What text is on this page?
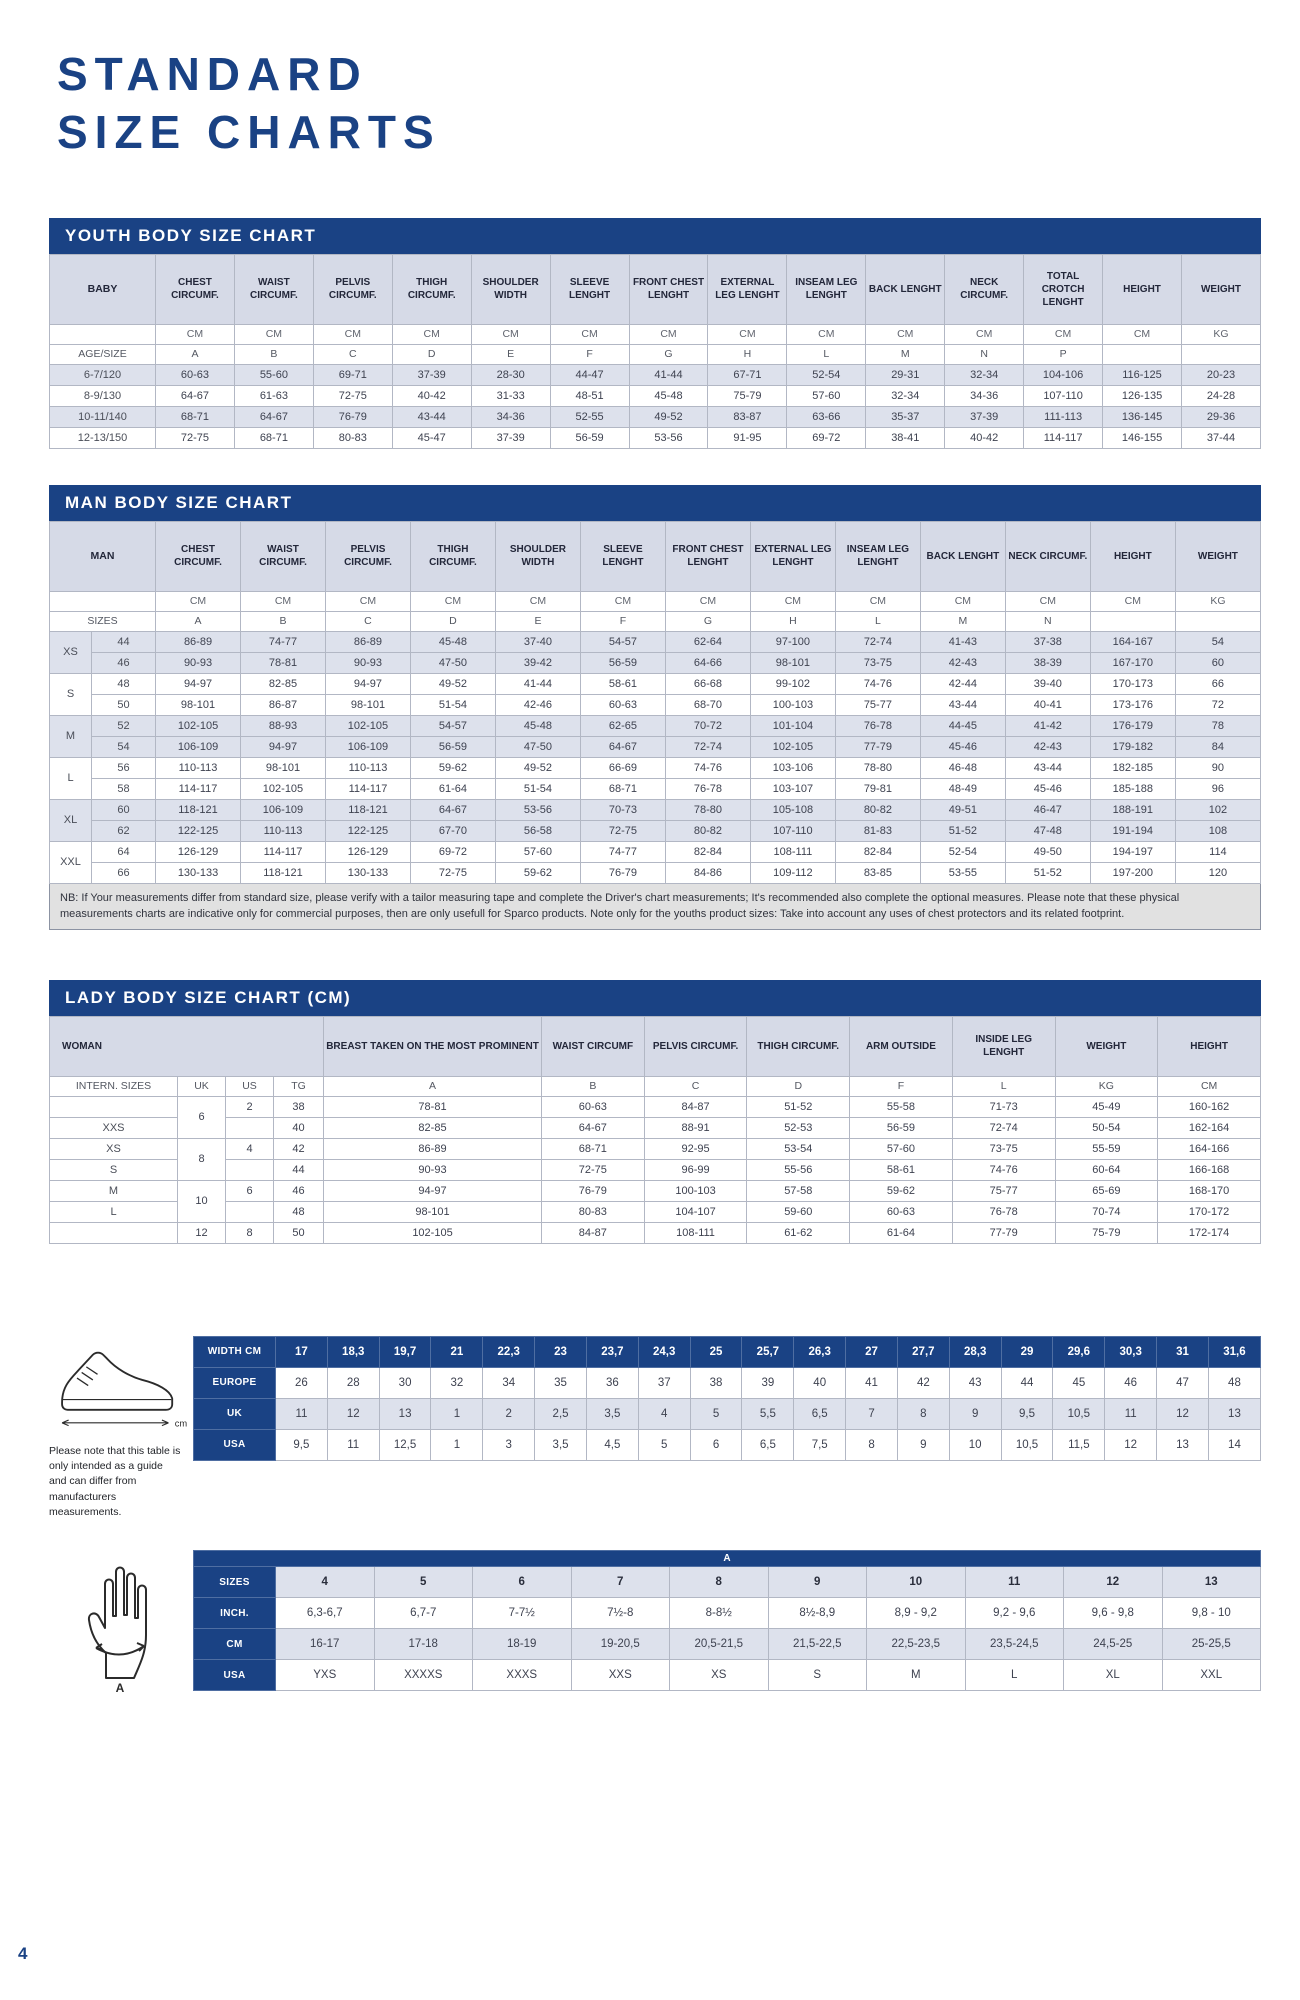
STANDARD
SIZE CHARTS
YOUTH BODY SIZE CHART
BABY	CHEST CIRCUMF.	WAIST CIRCUMF.	PELVIS CIRCUMF.	THIGH CIRCUMF.	SHOULDER WIDTH	SLEEVE LENGHT	FRONT CHEST LENGHT	EXTERNAL LEG LENGHT	INSEAM LEG LENGHT	BACK LENGHT	NECK CIRCUMF.	TOTAL CROTCH LENGHT	HEIGHT	WEIGHT
	CM	CM	CM	CM	CM	CM	CM	CM	CM	CM	CM	CM	CM	KG
AGE/SIZE	A	B	C	D	E	F	G	H	L	M	N	P		
6-7/120	60-63	55-60	69-71	37-39	28-30	44-47	41-44	67-71	52-54	29-31	32-34	104-106	116-125	20-23
8-9/130	64-67	61-63	72-75	40-42	31-33	48-51	45-48	75-79	57-60	32-34	34-36	107-110	126-135	24-28
10-11/140	68-71	64-67	76-79	43-44	34-36	52-55	49-52	83-87	63-66	35-37	37-39	111-113	136-145	29-36
12-13/150	72-75	68-71	80-83	45-47	37-39	56-59	53-56	91-95	69-72	38-41	40-42	114-117	146-155	37-44
MAN BODY SIZE CHART
MAN		CHEST CIRCUMF.	WAIST CIRCUMF.	PELVIS CIRCUMF.	THIGH CIRCUMF.	SHOULDER WIDTH	SLEEVE LENGHT	FRONT CHEST LENGHT	EXTERNAL LEG LENGHT	INSEAM LEG LENGHT	BACK LENGHT	NECK CIRCUMF.	HEIGHT	WEIGHT
		CM	CM	CM	CM	CM	CM	CM	CM	CM	CM	CM	CM	KG
SIZES		A	B	C	D	E	F	G	H	L	M	N		
XS	44	86-89	74-77	86-89	45-48	37-40	54-57	62-64	97-100	72-74	41-43	37-38	164-167	54
	46	90-93	78-81	90-93	47-50	39-42	56-59	64-66	98-101	73-75	42-43	38-39	167-170	60
S	48	94-97	82-85	94-97	49-52	41-44	58-61	66-68	99-102	74-76	42-44	39-40	170-173	66
	50	98-101	86-87	98-101	51-54	42-46	60-63	68-70	100-103	75-77	43-44	40-41	173-176	72
M	52	102-105	88-93	102-105	54-57	45-48	62-65	70-72	101-104	76-78	44-45	41-42	176-179	78
	54	106-109	94-97	106-109	56-59	47-50	64-67	72-74	102-105	77-79	45-46	42-43	179-182	84
L	56	110-113	98-101	110-113	59-62	49-52	66-69	74-76	103-106	78-80	46-48	43-44	182-185	90
	58	114-117	102-105	114-117	61-64	51-54	68-71	76-78	103-107	79-81	48-49	45-46	185-188	96
XL	60	118-121	106-109	118-121	64-67	53-56	70-73	78-80	105-108	80-82	49-51	46-47	188-191	102
	62	122-125	110-113	122-125	67-70	56-58	72-75	80-82	107-110	81-83	51-52	47-48	191-194	108
XXL	64	126-129	114-117	126-129	69-72	57-60	74-77	82-84	108-111	82-84	52-54	49-50	194-197	114
	66	130-133	118-121	130-133	72-75	59-62	76-79	84-86	109-112	83-85	53-55	51-52	197-200	120
NB: If Your measurements differ from standard size, please verify with a tailor measuring tape and complete the Driver's chart measurements; It's recommended also complete the optional measures. Please note that these physical measurements charts are indicative only for commercial purposes, then are only usefull for Sparco products. Note only for the youths product sizes: Take into account any uses of chest protectors and its related footprint.
LADY BODY SIZE CHART (CM)
WOMAN				BREAST TAKEN ON THE MOST PROMINENT	WAIST CIRCUMF	PELVIS CIRCUMF.	THIGH CIRCUMF.	ARM OUTSIDE	INSIDE LEG LENGHT	WEIGHT	HEIGHT
INTERN. SIZES	UK	US	TG	A	B	C	D	F	L	KG	CM
	6	2	38	78-81	60-63	84-87	51-52	55-58	71-73	45-49	160-162
XXS			40	82-85	64-67	88-91	52-53	56-59	72-74	50-54	162-164
XS	8	4	42	86-89	68-71	92-95	53-54	57-60	73-75	55-59	164-166
S			44	90-93	72-75	96-99	55-56	58-61	74-76	60-64	166-168
M	10	6	46	94-97	76-79	100-103	57-58	59-62	75-77	65-69	168-170
L			48	98-101	80-83	104-107	59-60	60-63	76-78	70-74	170-172
	12	8	50	102-105	84-87	108-111	61-62	61-64	77-79	75-79	172-174
cm
Please note that this table is only intended as a guide and can differ from manufacturers measurements.
WIDTH CM	17	18,3	19,7	21	22,3	23	23,7	24,3	25	25,7	26,3	27	27,7	28,3	29	29,6	30,3	31	31,6
EUROPE	26	28	30	32	34	35	36	37	38	39	40	41	42	43	44	45	46	47	48
UK	11	12	13	1	2	2,5	3,5	4	5	5,5	6,5	7	8	9	9,5	10,5	11	12	13
USA	9,5	11	12,5	1	3	3,5	4,5	5	6	6,5	7,5	8	9	10	10,5	11,5	12	13	14
A
A										
SIZES	4	5	6	7	8	9	10	11	12	13
INCH.	6,3-6,7	6,7-7	7-7½	7½-8	8-8½	8½-8,9	8,9 - 9,2	9,2 - 9,6	9,6 - 9,8	9,8 - 10
CM	16-17	17-18	18-19	19-20,5	20,5-21,5	21,5-22,5	22,5-23,5	23,5-24,5	24,5-25	25-25,5
USA	YXS	XXXXS	XXXS	XXS	XS	S	M	L	XL	XXL
4
